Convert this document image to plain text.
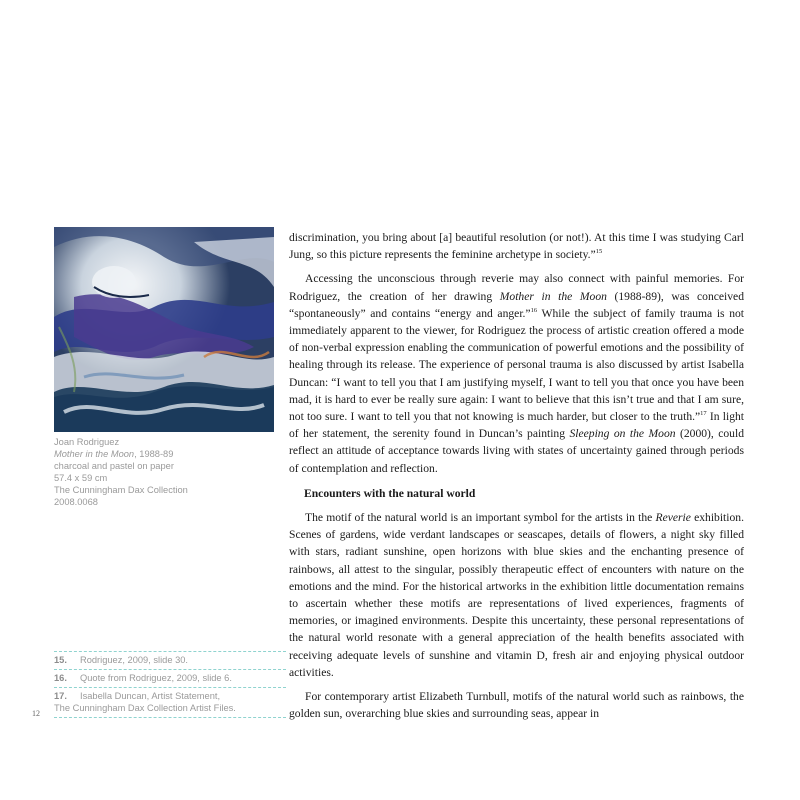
Joan Rodriguez
Mother in the Moon, 1988-89
charcoal and pastel on paper
57.4 x 59 cm
The Cunningham Dax Collection
2008.0068
15. Rodriguez, 2009, slide 30.
16. Quote from Rodriguez, 2009, slide 6.
17. Isabella Duncan, Artist Statement,
The Cunningham Dax Collection Artist Files.
12

discrimination, you bring about [a] beautiful resolution (or not!). At this time I was studying Carl Jung, so this picture represents the feminine archetype in society.”$^{15}$

Accessing the unconscious through reverie may also connect with painful memories. For Rodriguez, the creation of her drawing Mother in the Moon (1988-89), was conceived “spontaneously” and contains “energy and anger.”$^{16}$ While the subject of family trauma is not immediately apparent to the viewer, for Rodriguez the process of artistic creation offered a mode of non-verbal expression enabling the communication of powerful emotions and the possibility of healing through its release. The experience of personal trauma is also discussed by artist Isabella Duncan: “I want to tell you that I am justifying myself, I want to tell you that once you have been mad, it is hard to ever be really sure again: I want to believe that this isn’t true and that I am sure, not too sure. I want to tell you that not knowing is much harder, but closer to the truth.”$^{17}$ In light of her statement, the serenity found in Duncan’s painting Sleeping on the Moon (2000), could reflect an attitude of acceptance towards living with states of uncertainty gained through periods of contemplation and reflection.

Encounters with the natural world

The motif of the natural world is an important symbol for the artists in the Reverie exhibition. Scenes of gardens, wide verdant landscapes or seascapes, details of flowers, a night sky filled with stars, radiant sunshine, open horizons with blue skies and the enchanting presence of rainbows, all attest to the singular, possibly therapeutic effect of encounters with nature on the emotions and the mind. For the historical artworks in the exhibition little documentation remains to ascertain whether these motifs are representations of lived experiences, fragments of memories, or imagined environments. Despite this uncertainty, these personal representations of the natural world resonate with a general appreciation of the health benefits associated with receiving adequate levels of sunshine and vitamin D, fresh air and enjoying physical outdoor activities.

For contemporary artist Elizabeth Turnbull, motifs of the natural world such as rainbows, the golden sun, overarching blue skies and surrounding seas, appear in
